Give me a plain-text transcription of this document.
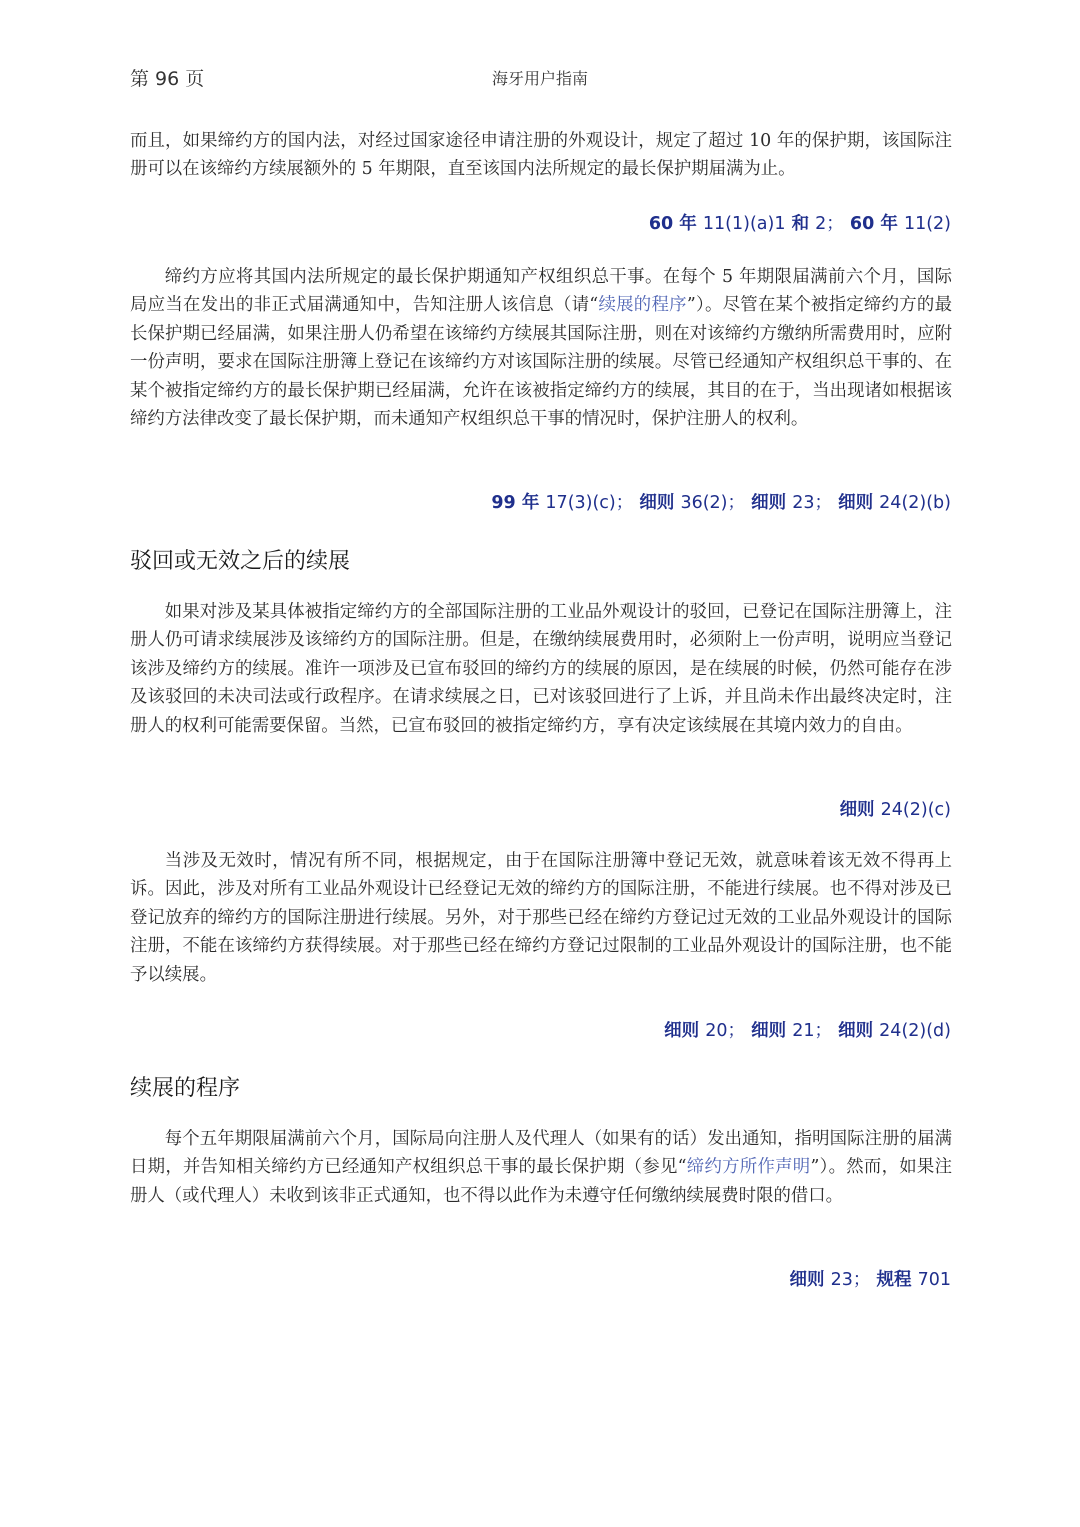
第 96 页	海牙用户指南

而且，如果缔约方的国内法，对经过国家途径申请注册的外观设计，规定了超过 10 年的保护期，该国际注册可以在该缔约方续展额外的 5 年期限，直至该国内法所规定的最长保护期届满为止。

60 年 11(1)(a)1 和 2； 60 年 11(2)

缔约方应将其国内法所规定的最长保护期通知产权组织总干事。在每个 5 年期限届满前六个月，国际局应当在发出的非正式届满通知中，告知注册人该信息（请“续展的程序”）。尽管在某个被指定缔约方的最长保护期已经届满，如果注册人仍希望在该缔约方续展其国际注册，则在对该缔约方缴纳所需费用时，应附一份声明，要求在国际注册簿上登记在该缔约方对该国际注册的续展。尽管已经通知产权组织总干事的、在某个被指定缔约方的最长保护期已经届满，允许在该被指定缔约方的续展，其目的在于，当出现诸如根据该缔约方法律改变了最长保护期，而未通知产权组织总干事的情况时，保护注册人的权利。

99 年 17(3)(c)； 细则 36(2)； 细则 23； 细则 24(2)(b)
驳回或无效之后的续展

如果对涉及某具体被指定缔约方的全部国际注册的工业品外观设计的驳回，已登记在国际注册簿上，注册人仍可请求续展涉及该缔约方的国际注册。但是，在缴纳续展费用时，必须附上一份声明，说明应当登记该涉及缔约方的续展。准许一项涉及已宣布驳回的缔约方的续展的原因，是在续展的时候，仍然可能存在涉及该驳回的未决司法或行政程序。在请求续展之日，已对该驳回进行了上诉，并且尚未作出最终决定时，注册人的权利可能需要保留。当然，已宣布驳回的被指定缔约方，享有决定该续展在其境内效力的自由。

细则 24(2)(c)

当涉及无效时，情况有所不同，根据规定，由于在国际注册簿中登记无效，就意味着该无效不得再上诉。因此，涉及对所有工业品外观设计已经登记无效的缔约方的国际注册，不能进行续展。也不得对涉及已登记放弃的缔约方的国际注册进行续展。另外，对于那些已经在缔约方登记过无效的工业品外观设计的国际注册，不能在该缔约方获得续展。对于那些已经在缔约方登记过限制的工业品外观设计的国际注册，也不能予以续展。

细则 20； 细则 21； 细则 24(2)(d)
续展的程序

每个五年期限届满前六个月，国际局向注册人及代理人（如果有的话）发出通知，指明国际注册的届满日期，并告知相关缔约方已经通知产权组织总干事的最长保护期（参见“缔约方所作声明”）。然而，如果注册人（或代理人）未收到该非正式通知，也不得以此作为未遵守任何缴纳续展费时限的借口。

细则 23； 规程 701
